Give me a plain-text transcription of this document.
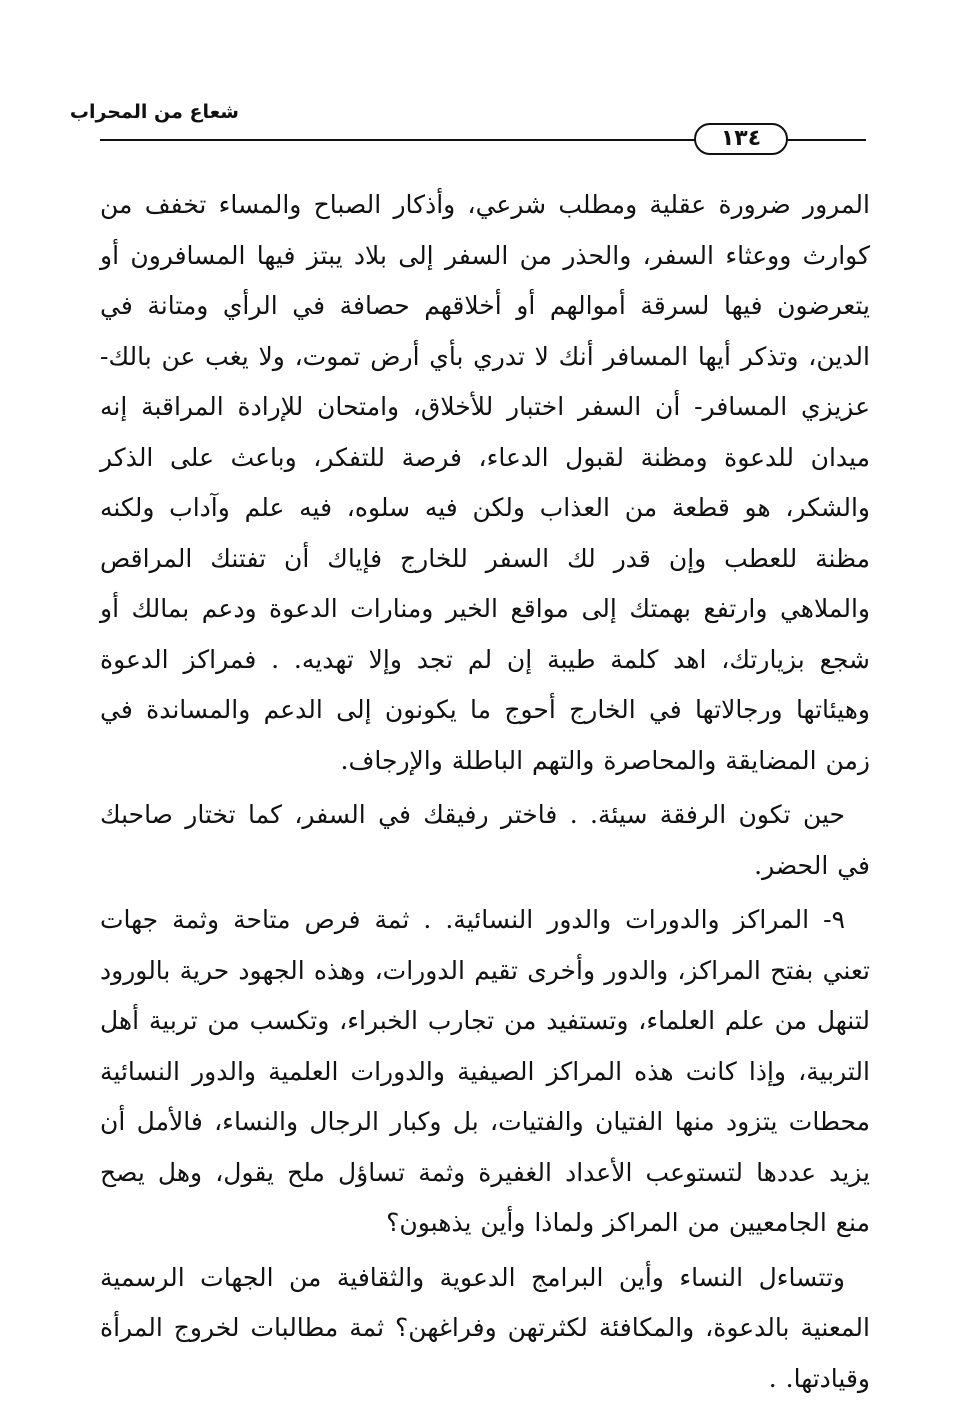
شعاع من المحراب
١٣٤

المرور ضرورة عقلية ومطلب شرعي، وأذكار الصباح والمساء تخفف من كوارث ووعثاء السفر، والحذر من السفر إلى بلاد يبتز فيها المسافرون أو يتعرضون فيها لسرقة أموالهم أو أخلاقهم حصافة في الرأي ومتانة في الدين، وتذكر أيها المسافر أنك لا تدري بأي أرض تموت، ولا يغب عن بالك- عزيزي المسافر- أن السفر اختبار للأخلاق، وامتحان للإرادة المراقبة إنه ميدان للدعوة ومظنة لقبول الدعاء، فرصة للتفكر، وباعث على الذكر والشكر، هو قطعة من العذاب ولكن فيه سلوه، فيه علم وآداب ولكنه مظنة للعطب وإن قدر لك السفر للخارج فإياك أن تفتنك المراقص والملاهي وارتفع بهمتك إلى مواقع الخير ومنارات الدعوة ودعم بمالك أو شجع بزيارتك، اهد كلمة طيبة إن لم تجد وإلا تهديه. . فمراكز الدعوة وهيئاتها ورجالاتها في الخارج أحوج ما يكونون إلى الدعم والمساندة في زمن المضايقة والمحاصرة والتهم الباطلة والإرجاف.

حين تكون الرفقة سيئة. . فاختر رفيقك في السفر، كما تختار صاحبك في الحضر.

٩- المراكز والدورات والدور النسائية. . ثمة فرص متاحة وثمة جهات تعني بفتح المراكز، والدور وأخرى تقيم الدورات، وهذه الجهود حرية بالورود لتنهل من علم العلماء، وتستفيد من تجارب الخبراء، وتكسب من تربية أهل التربية، وإذا كانت هذه المراكز الصيفية والدورات العلمية والدور النسائية محطات يتزود منها الفتيان والفتيات، بل وكبار الرجال والنساء، فالأمل أن يزيد عددها لتستوعب الأعداد الغفيرة وثمة تساؤل ملح يقول، وهل يصح منع الجامعيين من المراكز ولماذا وأين يذهبون؟

وتتساءل النساء وأين البرامج الدعوية والثقافية من الجهات الرسمية المعنية بالدعوة، والمكافئة لكثرتهن وفراغهن؟ ثمة مطالبات لخروج المرأة وقيادتها. .
